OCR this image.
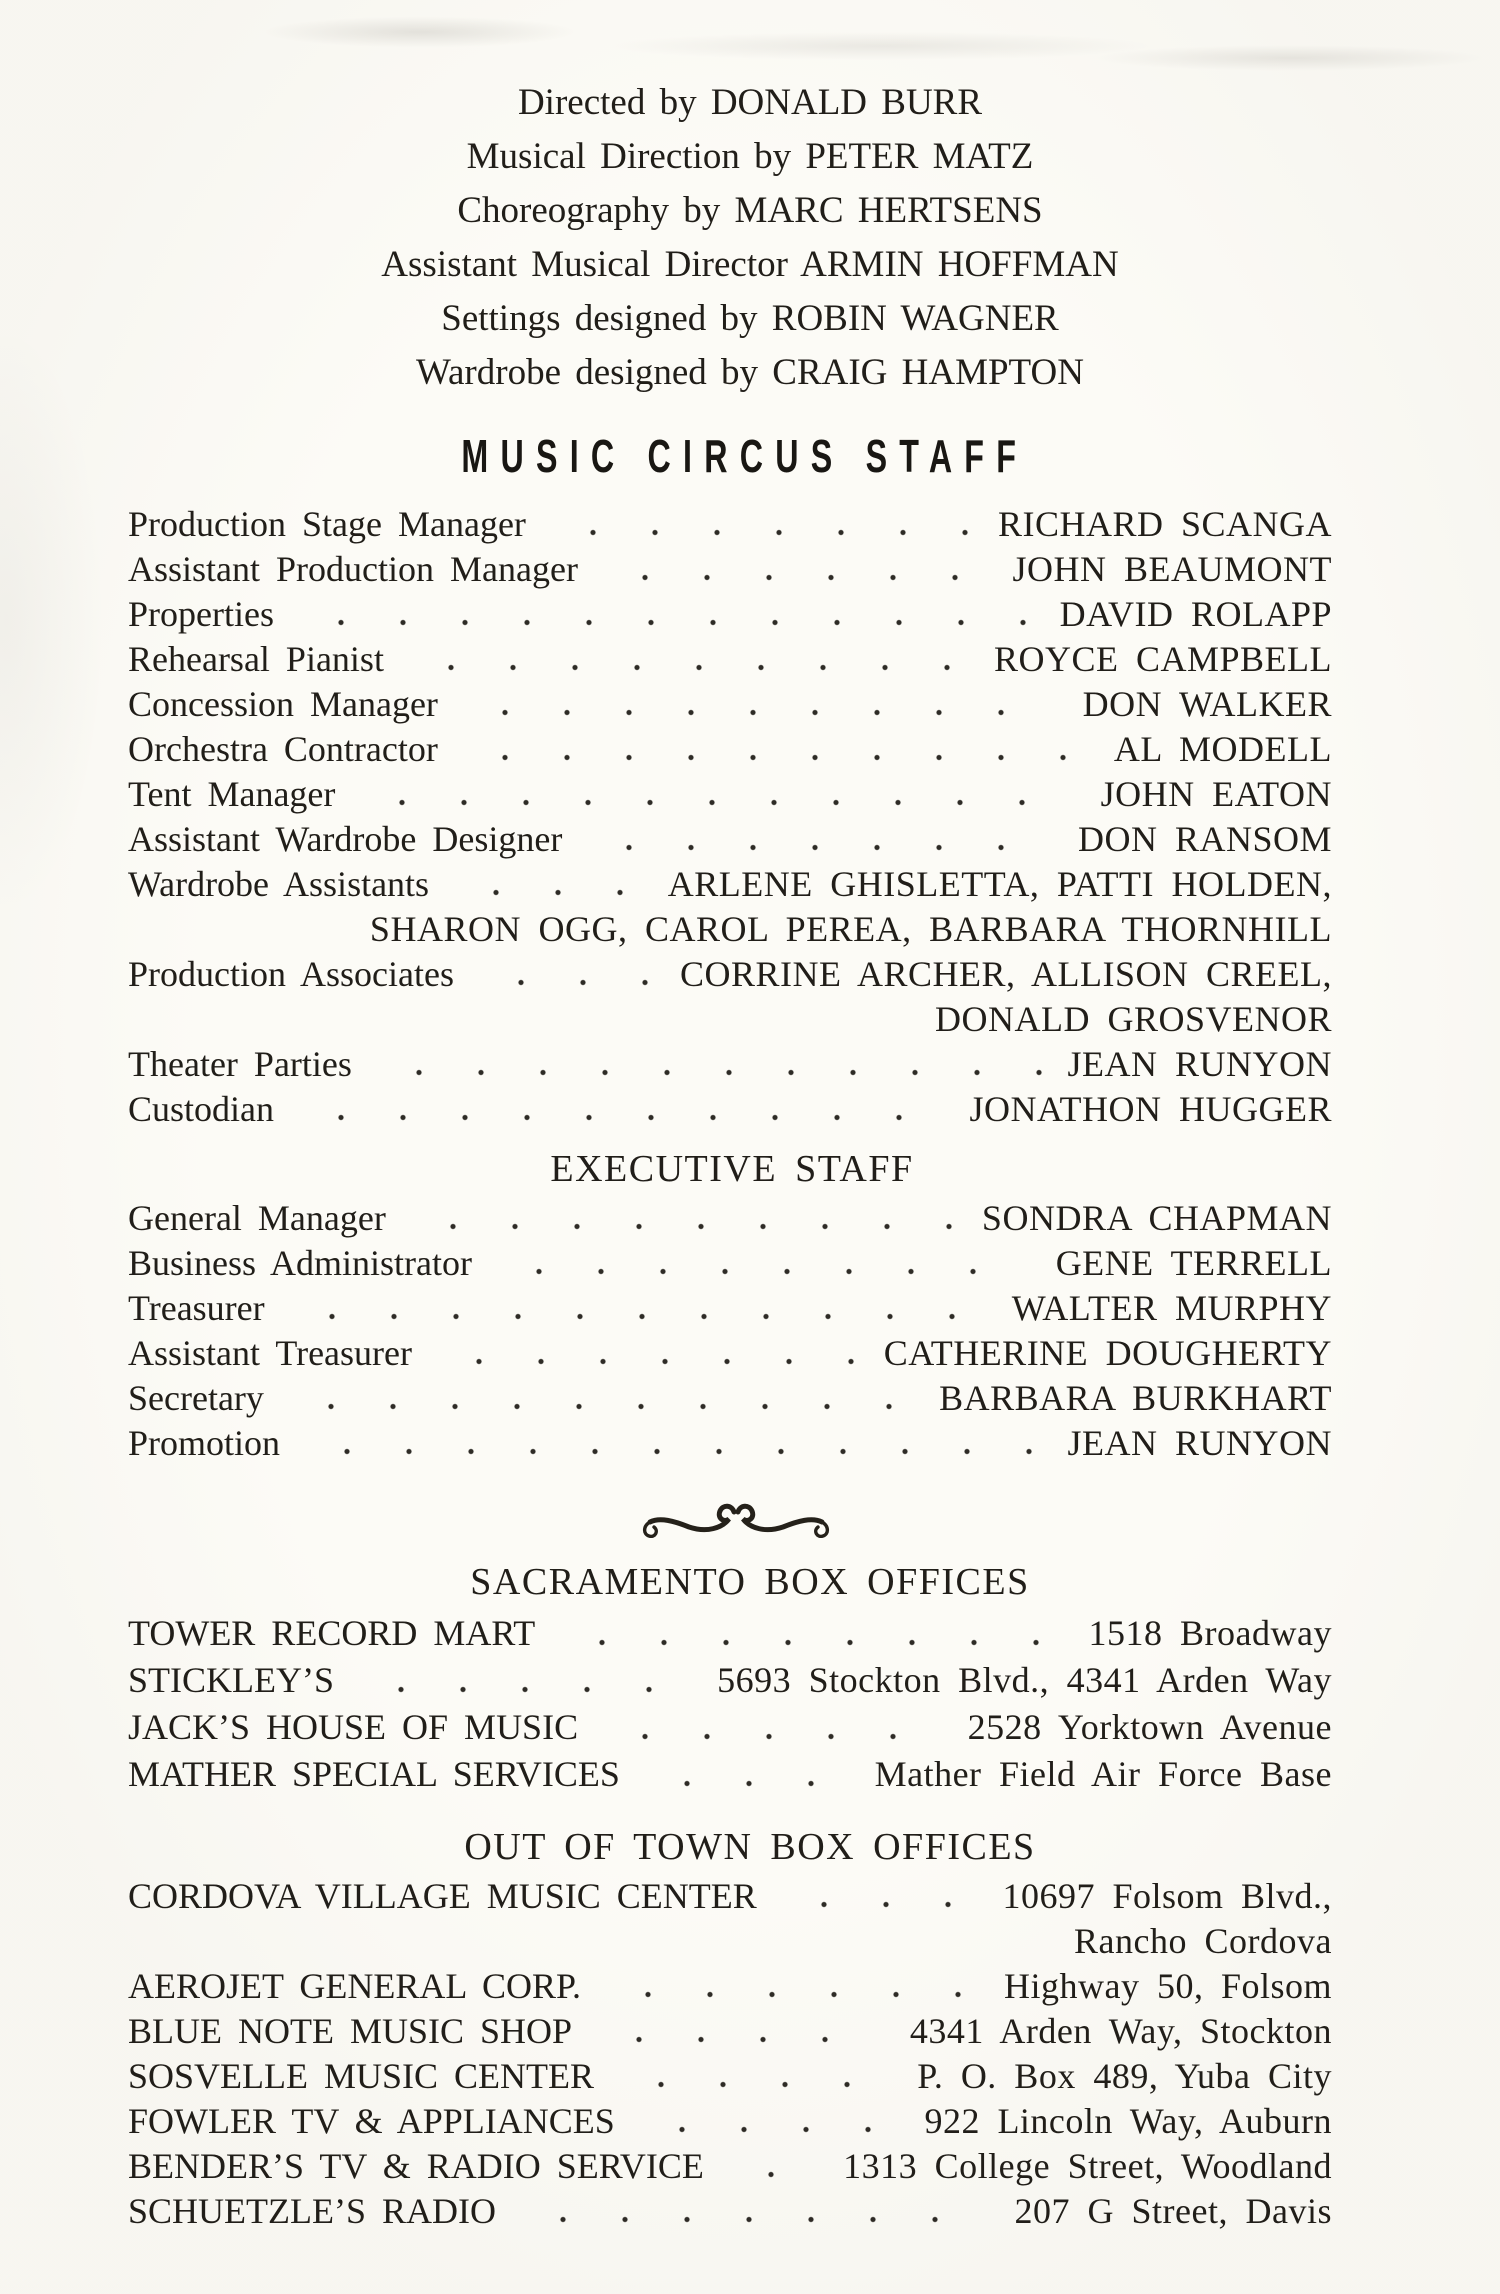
Directed by DONALD BURR
Musical Direction by PETER MATZ
Choreography by MARC HERTSENS
Assistant Musical Director ARMIN HOFFMAN
Settings designed by ROBIN WAGNER
Wardrobe designed by CRAIG HAMPTON
MUSIC CIRCUS STAFF
Production Stage Manager	RICHARD SCANGA
Assistant Production Manager	JOHN BEAUMONT
Properties	DAVID ROLAPP
Rehearsal Pianist	ROYCE CAMPBELL
Concession Manager	DON WALKER
Orchestra Contractor	AL MODELL
Tent Manager	JOHN EATON
Assistant Wardrobe Designer	DON RANSOM
Wardrobe Assistants	ARLENE GHISLETTA, PATTI HOLDEN,
SHARON OGG, CAROL PEREA, BARBARA THORNHILL
Production Associates	CORRINE ARCHER, ALLISON CREEL,
DONALD GROSVENOR
Theater Parties	JEAN RUNYON
Custodian	JONATHON HUGGER
EXECUTIVE STAFF
General Manager	SONDRA CHAPMAN
Business Administrator	GENE TERRELL
Treasurer	WALTER MURPHY
Assistant Treasurer	CATHERINE DOUGHERTY
Secretary	BARBARA BURKHART
Promotion	JEAN RUNYON
SACRAMENTO BOX OFFICES
TOWER RECORD MART	1518 Broadway
STICKLEY’S	5693 Stockton Blvd., 4341 Arden Way
JACK’S HOUSE OF MUSIC	2528 Yorktown Avenue
MATHER SPECIAL SERVICES	Mather Field Air Force Base
OUT OF TOWN BOX OFFICES
CORDOVA VILLAGE MUSIC CENTER	10697 Folsom Blvd.,
Rancho Cordova
AEROJET GENERAL CORP.	Highway 50, Folsom
BLUE NOTE MUSIC SHOP	4341 Arden Way, Stockton
SOSVELLE MUSIC CENTER	P. O. Box 489, Yuba City
FOWLER TV & APPLIANCES	922 Lincoln Way, Auburn
BENDER’S TV & RADIO SERVICE	1313 College Street, Woodland
SCHUETZLE’S RADIO	207 G Street, Davis
